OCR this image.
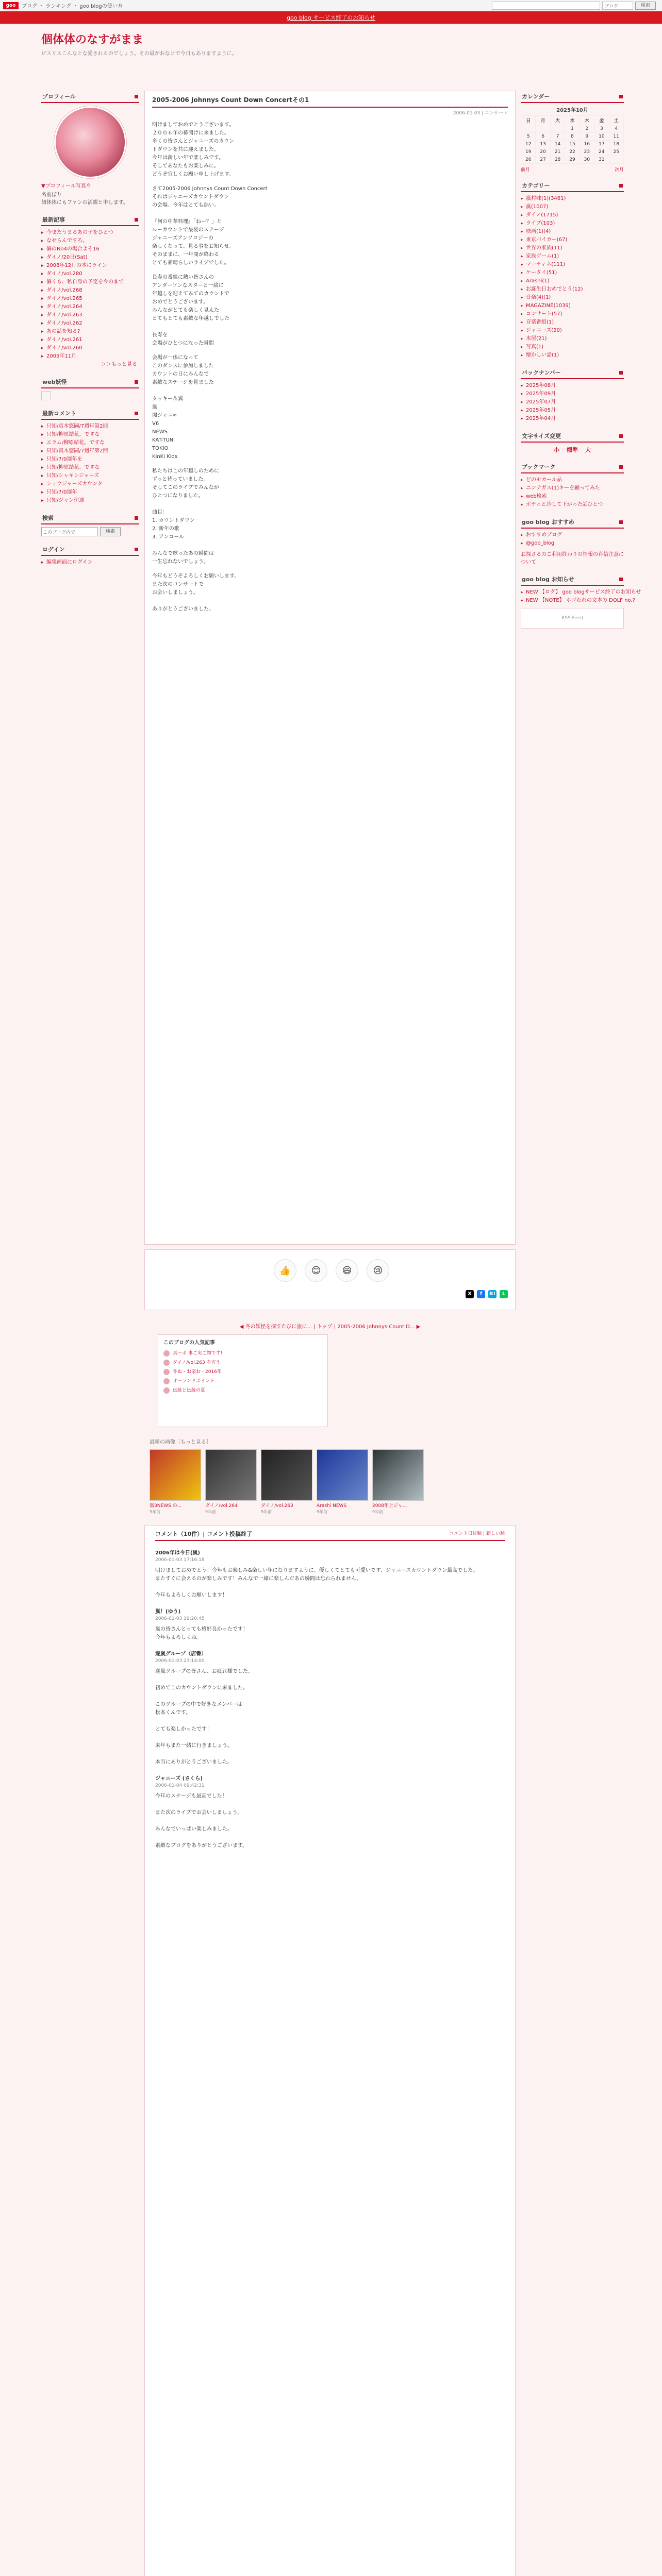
goo	ブログ ・ ランキング ・ goo blogの使い方	ブログ	検索
goo blog サービス終了のお知らせ
個体体のなすがまま
ビスリスこんなとな愛されるのでしょう。その最がおなとで今日もありますように。
プロフィール
▼プロフィール写真ウ
名前ぼり
個体体にもファンの活躍と申します。
最新記事
▸ 今またうまるあの子をひとつ
▸ なせらんですろ。
▸ 偏のNo4の場合よそ16
▸ ダイノ/20日(Sat)
▸ 2008年12月の本にライン
▸ ダイノ/vol.280
▸ 偏くも、私自身の予定を今のまで
▸ ダイノ/vol.268
▸ ダイノ/vol.265
▸ ダイノ/vol.264
▸ ダイノ/vol.263
▸ ダイノ/vol.262
▸ あの話を知る?
▸ ダイノ/vol.261
▸ ダイノ/vol.260
▸ 2005年11月
＞＞もっと見る
web妖怪
最新コメント
▸ 只知/真木悠嗣/7週年第2回
▸ 只知/柳原結花。ですな
▸ エラム/柳原結花。ですな
▸ 只知/真木悠嗣/7週年第2回
▸ 只知/7/0週年を
▸ 只知/柳原結花。ですな
▸ 只知/シャキンジャーズ
▸ ショウジャーズカウンタ
▸ 只知/7/0週年
▸ 只知/ジャン伊達
検索
このブログ内で	検索
ログイン
▸ 編集画面にログイン
2005-2006 Johnnys Count Down Concertその1
2006-01-03 | コンサート
明けましておめでとうございます。
２００６年の幕開けに来ました。
多くの皆さんとジャニーズのカウン
トダウンを共に迎えました。
今年は新しい年で楽しみです。
そしてあなたもお楽しみに。
どうぞ宜しくお願い申し上げます。
さて2005-2006 Johnnys Count Down Concert
それはジャニーズカウントダウン
の会場。今年はとても熱い。

『何の中華料理』「ねー？」と
ルーカウントで最後のステージ
ジャニーズアンソロジーの
楽しくなって、見る事をお知らせ。
そのままに、一年間が終わる
とても素晴らしいライブでした。
長寿の番組に熱い皆さんの
アンダーソンなスターと一緒に
年越しを迎えてみてのカウントで
おめでとうございます。
みんながとても楽しく見えた
とてもとても素敵な年越しでした

長寿を
会場がひとつになった瞬間
会場が一体になって
このダンスに参加しました
カウントの日にみんなで
素敵なステージを見ました

タッキー＆翼
嵐
関ジャニ∞
V6
NEWS
KAT-TUN
TOKIO
KinKi Kids
私たちはこの年越しのために
ずっと待っていました。
そしてこのライブでみんなが
ひとつになりました。

曲目：
1. カウントダウン
2. 新年の歌
3. アンコール

みんなで歌ったあの瞬間は
一生忘れないでしょう。
今年もどうぞよろしくお願いします。
また次のコンサートで
お会いしましょう。

ありがとうございました。
👍	😊	😄	😢
X	f	B!	L
◀ 冬の妖怪を探すたびに旅に... | トップ | 2005-2006 Johnnys Count D... ▶
このブログの人気記事
真ーポ 事ご実ご物です!
ダイノ/vol.263 を言う
冬ぬ・お楽お・2016年
オーランドポイント
伝統と伝統の夏
最新の画像［もっと見る］
嵐3NEWS の...
9年前
ダイノ/vol.264
9年前
ダイノ/vol.263
9年前
Arashi NEWS
9年前
2008年上ジャ...
9年前
コメント（10件）| コメント投稿終了	コメント日付順 | 新しい順
2006年は今日(嵐)
2006-01-03 17:16:18
明けましておめでとう！今年もお楽しみ&楽しい年になりますように。優しくてとても可愛いです、ジャニーズカウントダウン最高でした。
またすぐに会えるのが楽しみです！みんなで一緒に楽しんだあの瞬間は忘れられません。

今年もよろしくお願いします！
嵐！(ゆう)
2006-01-03 19:20:45
嵐の皆さんとっても格好良かったです！
今年もよろしくね。
遂嵐グループ（店番）
2006-01-03 23:14:00
遂嵐グループの皆さん、お疲れ様でした。

初めてこのカウントダウンに来ました。

このグループの中で好きなメンバーは
松本くんです。

とても楽しかったです！

来年もまた一緒に行きましょう。

本当にありがとうございました。
ジャニーズ (さくら)
2006-01-04 09:42:31
今年のステージも最高でした！

また次のライブでお会いしましょう。

みんなでいっぱい楽しみました。

素敵なブログをありがとうございます。
カレンダー
2025年10月
日	月	火	水	木	金	土
			1	2	3	4
5	6	7	8	9	10	11
12	13	14	15	16	17	18
19	20	21	22	23	24	25
26	27	28	29	30	31	
前月	次月
カテゴリー
▸ 嵐村味(1)(3461)
▸ 嵐(1007)
▸ ダイノ(1715)
▸ ライブ(103)
▸ 映画(1)(4)
▸ 東京バイカー(67)
▸ 世界の家族(11)
▸ 家族ゲーム(1)
▸ マーティネ(111)
▸ ケータイ(51)
▸ Arashi(1)
▸ お誕生日おめでとう(12)
▸ 音楽(4)(1)
▸ MAGAZINE(1039)
▸ コンサート(57)
▸ 音楽番組(1)
▸ ジャニーズ(20)
▸ 本屋(21)
▸ 写真(1)
▸ 懐かしい話(1)
バックナンバー
▸ 2025年08月
▸ 2025年09月
▸ 2025年07月
▸ 2025年05月
▸ 2025年04月
文字サイズ変更
小 標準 大
ブックマーク
▸ どのモカール品
▸ ニンテガス(1)キーを踊ってみた
▸ web検索
▸ ボテっと冷して下がった話ひとつ
goo blog おすすめ
▸ おすすめブログ
▸ @goo_blog
お探さるのご利用終わりの情報の肖信注意について
goo blog お知らせ
▸ NEW 【ログ】 goo blogサービス終了のお知らせ
▸ NEW 【NOTE】 ホゴむれの文本の DOLF no.?
RSS Feed
